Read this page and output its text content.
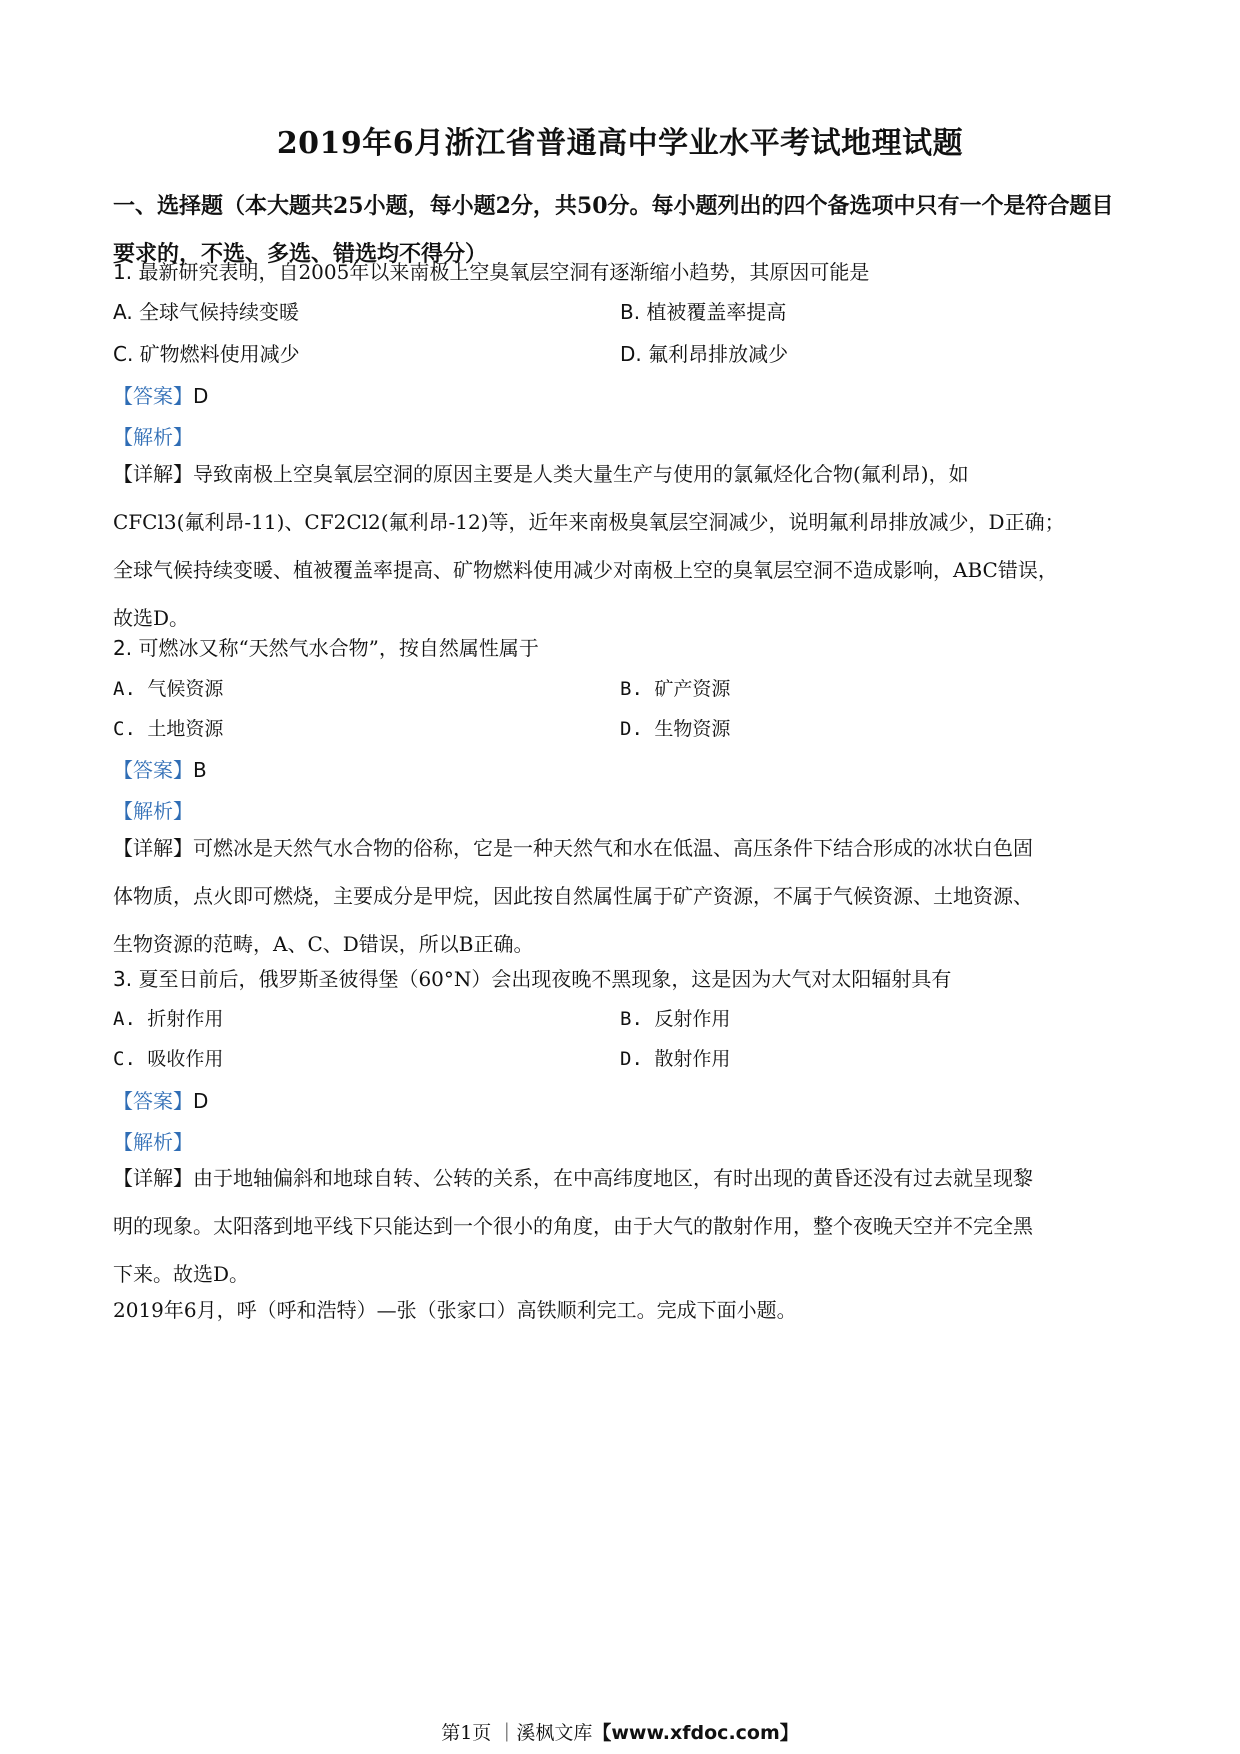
2019年6月浙江省普通高中学业水平考试地理试题
一、选择题（本大题共25小题，每小题2分，共50分。每小题列出的四个备选项中只有一个是符合题目要求的，不选、多选、错选均不得分）
1. 最新研究表明，自2005年以来南极上空臭氧层空洞有逐渐缩小趋势，其原因可能是
A. 全球气候持续变暖	B. 植被覆盖率提高
C. 矿物燃料使用减少	D. 氟利昂排放减少
【答案】D
【解析】
【详解】导致南极上空臭氧层空洞的原因主要是人类大量生产与使用的氯氟烃化合物(氟利昂)，如
CFCl3(氟利昂-11)、CF2Cl2(氟利昂-12)等，近年来南极臭氧层空洞减少，说明氟利昂排放减少，D正确；
全球气候持续变暖、植被覆盖率提高、矿物燃料使用减少对南极上空的臭氧层空洞不造成影响，ABC错误，
故选D。
2. 可燃冰又称“天然气水合物”，按自然属性属于
A. 气候资源	B. 矿产资源
C. 土地资源	D. 生物资源
【答案】B
【解析】
【详解】可燃冰是天然气水合物的俗称，它是一种天然气和水在低温、高压条件下结合形成的冰状白色固
体物质，点火即可燃烧，主要成分是甲烷，因此按自然属性属于矿产资源，不属于气候资源、土地资源、
生物资源的范畴，A、C、D错误，所以B正确。
3. 夏至日前后，俄罗斯圣彼得堡（60°N）会出现夜晚不黑现象，这是因为大气对太阳辐射具有
A. 折射作用	B. 反射作用
C. 吸收作用	D. 散射作用
【答案】D
【解析】
【详解】由于地轴偏斜和地球自转、公转的关系，在中高纬度地区，有时出现的黄昏还没有过去就呈现黎
明的现象。太阳落到地平线下只能达到一个很小的角度，由于大气的散射作用，整个夜晚天空并不完全黑
下来。故选D。
2019年6月，呼（呼和浩特）—张（张家口）高铁顺利完工。完成下面小题。
第1页 ｜溪枫文库【www.xfdoc.com】
